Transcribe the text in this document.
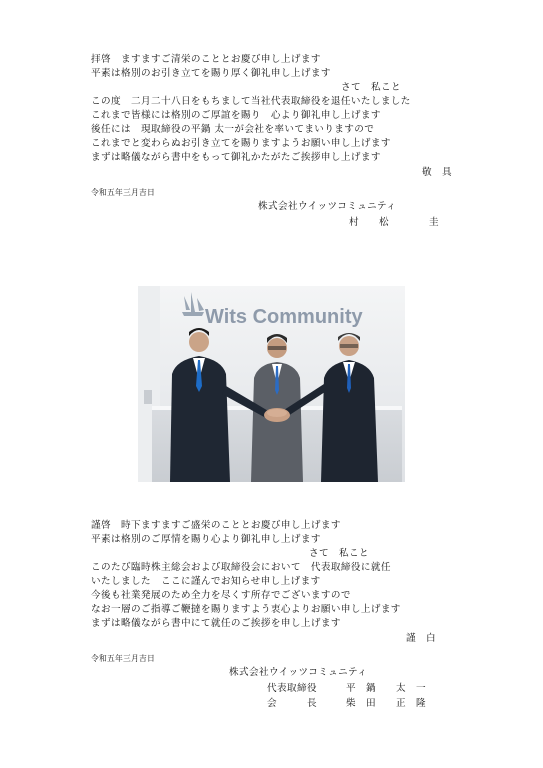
拝啓　ますますご清栄のこととお慶び申し上げます
平素は格別のお引き立てを賜り厚く御礼申し上げます
さて　私こと
この度　二月二十八日をもちまして当社代表取締役を退任いたしました
これまで皆様には格別のご厚誼を賜り　心より御礼申し上げます
後任には　現取締役の平鍋 太一が会社を率いてまいりますので
これまでと変わらぬお引き立てを賜りますようお願い申し上げます
まずは略儀ながら書中をもって御礼かたがたご挨拶申し上げます
敬　具
令和五年三月吉日
株式会社ウイッツコミュニティ
村　　松　　　　圭
Wits Community
謹啓　時下ますますご盛栄のこととお慶び申し上げます
平素は格別のご厚情を賜り心より御礼申し上げます
さて　私こと
このたび臨時株主総会および取締役会において　代表取締役に就任
いたしました　ここに謹んでお知らせ申し上げます
今後も社業発展のため全力を尽くす所存でございますので
なお一層のご指導ご鞭撻を賜りますよう衷心よりお願い申し上げます
まずは略儀ながら書中にて就任のご挨拶を申し上げます
謹　白
令和五年三月吉日
株式会社ウイッツコミュニティ
代表取締役	平　鍋　　太　一
会　　　長	柴　田　　正　隆
